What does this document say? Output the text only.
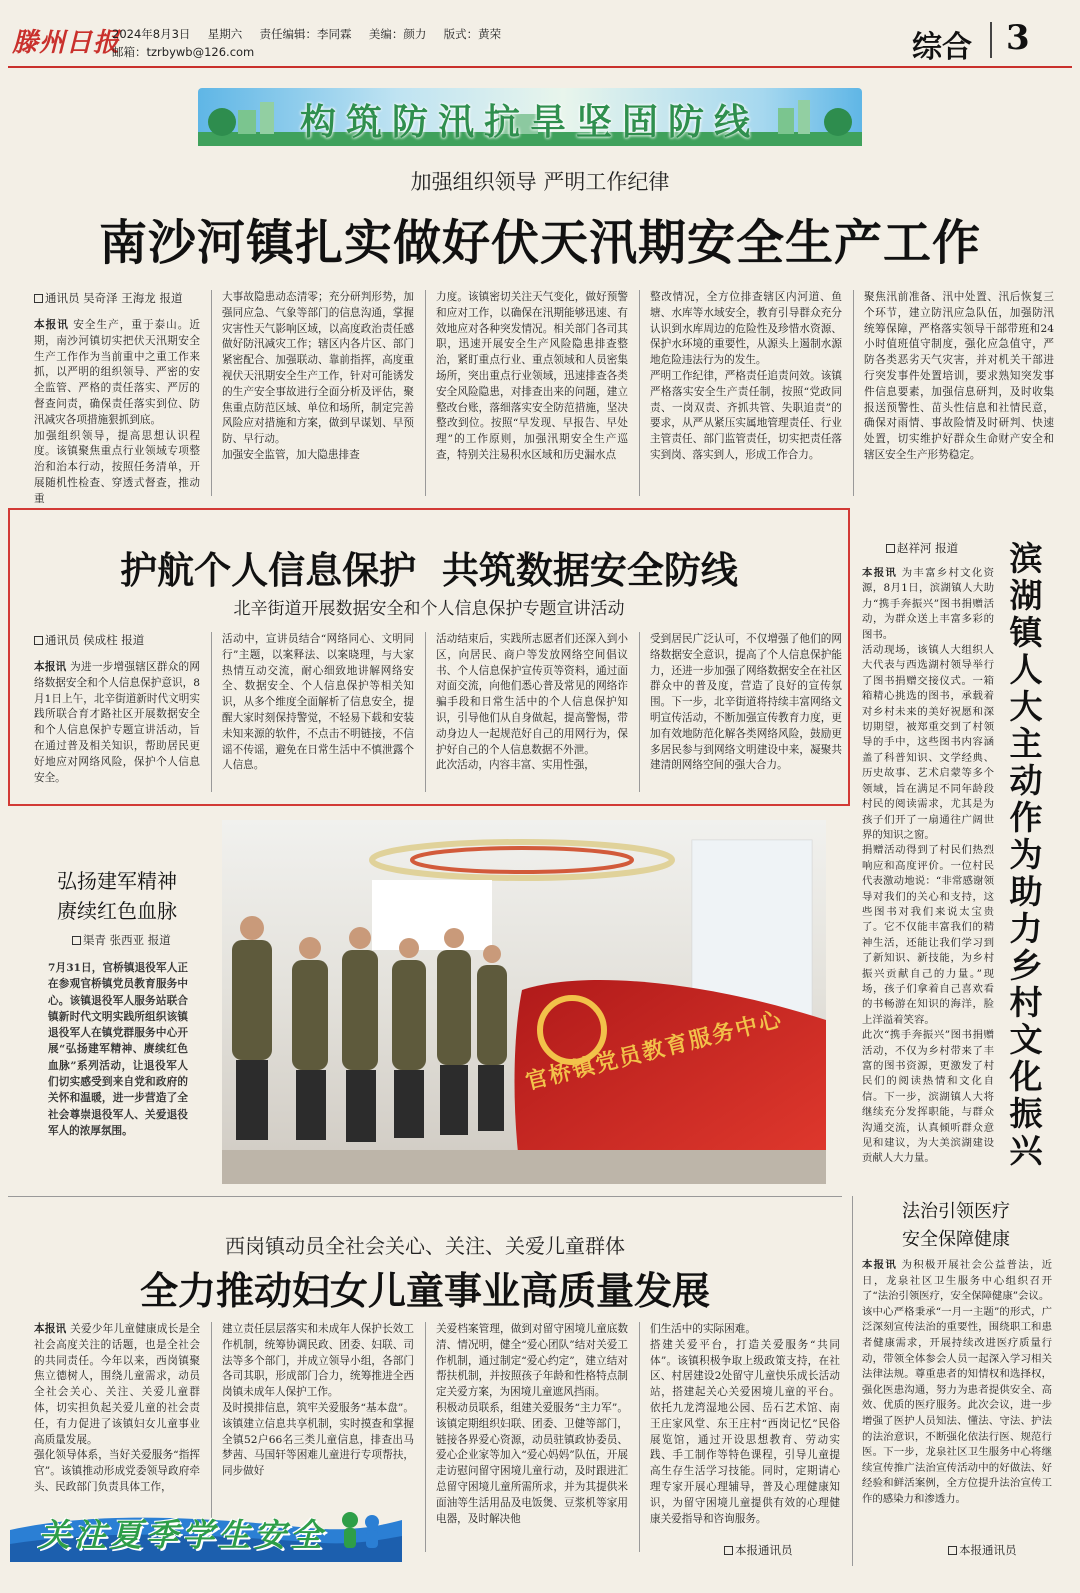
滕州日报
2024年8月3日 星期六 责任编辑：李同霖 美编：颜力 版式：黄荣
邮箱：tzrbywb@126.com	综合 3
构筑防汛抗旱坚固防线
加强组织领导 严明工作纪律
南沙河镇扎实做好伏天汛期安全生产工作
通讯员 吴奇泽 王海龙 报道
本报讯 安全生产，重于泰山。近期，南沙河镇切实把伏天汛期安全生产工作作为当前重中之重工作来抓，以严明的组织领导、严密的安全监管、严格的责任落实、严厉的督查问责，确保责任落实到位、防汛减灾各项措施狠抓到底。
加强组织领导，提高思想认识程度。该镇聚焦重点行业领域专项整治和治本行动，按照任务清单，开展随机性检查、穿透式督查，推动重
大事故隐患动态清零；充分研判形势，加强同应急、气象等部门的信息沟通，掌握灾害性天气影响区域，以高度政治责任感做好防汛减灾工作；辖区内各片区、部门紧密配合、加强联动、靠前指挥，高度重视伏天汛期安全生产工作，针对可能诱发的生产安全事故进行全面分析及评估，聚焦重点防范区域、单位和场所，制定完善风险应对措施和方案，做到早谋划、早预防、早行动。
加强安全监管，加大隐患排查
力度。该镇密切关注天气变化，做好预警和应对工作，以确保在汛期能够迅速、有效地应对各种突发情况。相关部门各司其职，迅速开展安全生产风险隐患排查整治，紧盯重点行业、重点领域和人员密集场所，突出重点行业领域，迅速排查各类安全风险隐患，对排查出来的问题，建立整改台账，落细落实安全防范措施，坚决整改到位。按照“早发现、早报告、早处理”的工作原则，加强汛期安全生产巡查，特别关注易积水区域和历史漏水点
整改情况，全方位排查辖区内河道、鱼塘、水库等水域安全，教育引导群众充分认识到水库周边的危险性及珍惜水资源、保护水环境的重要性，从源头上遏制水源地危险违法行为的发生。
严明工作纪律，严格责任追责问效。该镇严格落实安全生产责任制，按照“党政同责、一岗双责、齐抓共管、失职追责”的要求，从严从紧压实属地管理责任、行业主管责任、部门监管责任，切实把责任落实到岗、落实到人，形成工作合力。
聚焦汛前准备、汛中处置、汛后恢复三个环节，建立防汛应急队伍，加强防汛统筹保障，严格落实领导干部带班和24小时值班值守制度，强化应急值守，严防各类恶劣天气灾害，并对机关干部进行突发事件处置培训，要求熟知突发事件信息要素，加强信息研判，及时收集报送预警性、苗头性信息和社情民意，确保对雨情、事故险情及时研判、快速处置，切实维护好群众生命财产安全和辖区安全生产形势稳定。
护航个人信息保护  共筑数据安全防线
北辛街道开展数据安全和个人信息保护专题宣讲活动
通讯员 侯成柱 报道
本报讯 为进一步增强辖区群众的网络数据安全和个人信息保护意识，8月1日上午，北辛街道新时代文明实践所联合育才路社区开展数据安全和个人信息保护专题宣讲活动，旨在通过普及相关知识，帮助居民更好地应对网络风险，保护个人信息安全。
活动中，宣讲员结合“网络同心、文明同行”主题，以案释法、以案晓理，与大家热情互动交流，耐心细致地讲解网络安全、数据安全、个人信息保护等相关知识，从多个维度全面解析了信息安全，提醒大家时刻保持警觉，不轻易下载和安装未知来源的软件，不点击不明链接，不信谣不传谣，避免在日常生活中不慎泄露个人信息。
活动结束后，实践所志愿者们还深入到小区，向居民、商户等发放网络空间倡议书、个人信息保护宣传页等资料，通过面对面交流，向他们悉心普及常见的网络诈骗手段和日常生活中的个人信息保护知识，引导他们从自身做起，提高警惕，带动身边人一起规范好自己的用网行为，保护好自己的个人信息数据不外泄。
此次活动，内容丰富、实用性强，
受到居民广泛认可，不仅增强了他们的网络数据安全意识，提高了个人信息保护能力，还进一步加强了网络数据安全在社区群众中的普及度，营造了良好的宣传氛围。下一步，北辛街道将持续丰富网络文明宣传活动，不断加强宣传教育力度，更加有效地防范化解各类网络风险，鼓励更多居民参与到网络文明建设中来，凝聚共建清朗网络空间的强大合力。
赵祥河 报道
本报讯 为丰富乡村文化资源，8月1日，滨湖镇人大助力“携手奔振兴”图书捐赠活动，为群众送上丰富多彩的图书。
活动现场，该镇人大组织人大代表与西选湖村领导举行了图书捐赠交接仪式。一箱箱精心挑选的图书，承载着对乡村未来的美好祝愿和深切期望，被郑重交到了村领导的手中，这些图书内容涵盖了科普知识、文学经典、历史故事、艺术启蒙等多个领域，旨在满足不同年龄段村民的阅读需求，尤其是为孩子们开了一扇通往广阔世界的知识之窗。
捐赠活动得到了村民们热烈响应和高度评价。一位村民代表激动地说：“非常感谢领导对我们的关心和支持，这些图书对我们来说太宝贵了。它不仅能丰富我们的精神生活，还能让我们学习到了新知识、新技能，为乡村振兴贡献自己的力量。”现场，孩子们拿着自己喜欢看的书畅游在知识的海洋，脸上洋溢着笑容。
此次“携手奔振兴”图书捐赠活动，不仅为乡村带来了丰富的图书资源，更激发了村民们的阅读热情和文化自信。下一步，滨湖镇人大将继续充分发挥职能，与群众沟通交流，认真倾听群众意见和建议，为大美滨湖建设贡献人大力量。
滨湖镇人大主动作为助力乡村文化振兴
弘扬建军精神
赓续红色血脉
渠青 张西亚 报道
7月31日，官桥镇退役军人正在参观官桥镇党员教育服务中心。该镇退役军人服务站联合镇新时代文明实践所组织该镇退役军人在镇党群服务中心开展“弘扬建军精神、赓续红色血脉”系列活动，让退役军人们切实感受到来自党和政府的关怀和温暖，进一步营造了全社会尊崇退役军人、关爱退役军人的浓厚氛围。
官桥镇党员教育服务中心
西岗镇动员全社会关心、关注、关爱儿童群体
全力推动妇女儿童事业高质量发展
本报讯 关爱少年儿童健康成长是全社会高度关注的话题，也是全社会的共同责任。今年以来，西岗镇聚焦立德树人，围绕儿童需求，动员全社会关心、关注、关爱儿童群体，切实担负起关爱儿童的社会责任，有力促进了该镇妇女儿童事业高质量发展。
强化领导体系，当好关爱服务“指挥官”。该镇推动形成党委领导政府牵头、民政部门负责具体工作，
建立责任层层落实和未成年人保护长效工作机制，统筹协调民政、团委、妇联、司法等多个部门，并成立领导小组，各部门各司其职，形成部门合力，统筹推进全西岗镇未成年人保护工作。
及时摸排信息，筑牢关爱服务“基本盘”。该镇建立信息共享机制，实时摸查和掌握全镇52户66名三类儿童信息，排查出马梦茜、马国轩等困难儿童进行专项帮扶，同步做好
关爱档案管理，做到对留守困境儿童底数清、情况明，健全“爱心团队”结对关爱工作机制，通过制定“爱心约定”，建立结对帮扶机制，并按照孩子年龄和性格特点制定关爱方案，为困境儿童遮风挡雨。
积极动员联系，组建关爱服务“主力军”。该镇定期组织妇联、团委、卫健等部门，链接各界爱心资源，动员驻镇政协委员、爱心企业家等加入“爱心妈妈”队伍，开展走访慰问留守困境儿童行动，及时跟进汇总留守困境儿童所需所求，并为其提供米面油等生活用品及电饭煲、豆浆机等家用电器，及时解决他
们生活中的实际困难。
搭建关爱平台，打造关爱服务“共同体”。该镇积极争取上级政策支持，在社区、村居建设2处留守儿童快乐成长活动站，搭建起关心关爱困境儿童的平台。依托九龙湾湿地公园、岳石艺术馆、南王庄家风堂、东王庄村“西岗记忆”民俗展览馆，通过开设思想教育、劳动实践、手工制作等特色课程，引导儿童提高生存生活学习技能。同时，定期请心理专家开展心理辅导，普及心理健康知识，为留守困境儿童提供有效的心理健康关爱指导和咨询服务。
本报通讯员
法治引领医疗
安全保障健康
本报讯 为积极开展社会公益普法，近日，龙泉社区卫生服务中心组织召开了“法治引领医疗，安全保障健康”会议。
该中心严格秉承“一月一主题”的形式，广泛深刻宣传法治的重要性，围绕职工和患者健康需求，开展持续改进医疗质量行动，带领全体参会人员一起深入学习相关法律法规。尊重患者的知情权和选择权，强化医患沟通，努力为患者提供安全、高效、优质的医疗服务。此次会议，进一步增强了医护人员知法、懂法、守法、护法的法治意识，不断强化依法行医、规范行医。下一步，龙泉社区卫生服务中心将继续宣传推广法治宣传活动中的好做法、好经验和鲜活案例，全方位提升法治宣传工作的感染力和渗透力。
本报通讯员
关注夏季学生安全
